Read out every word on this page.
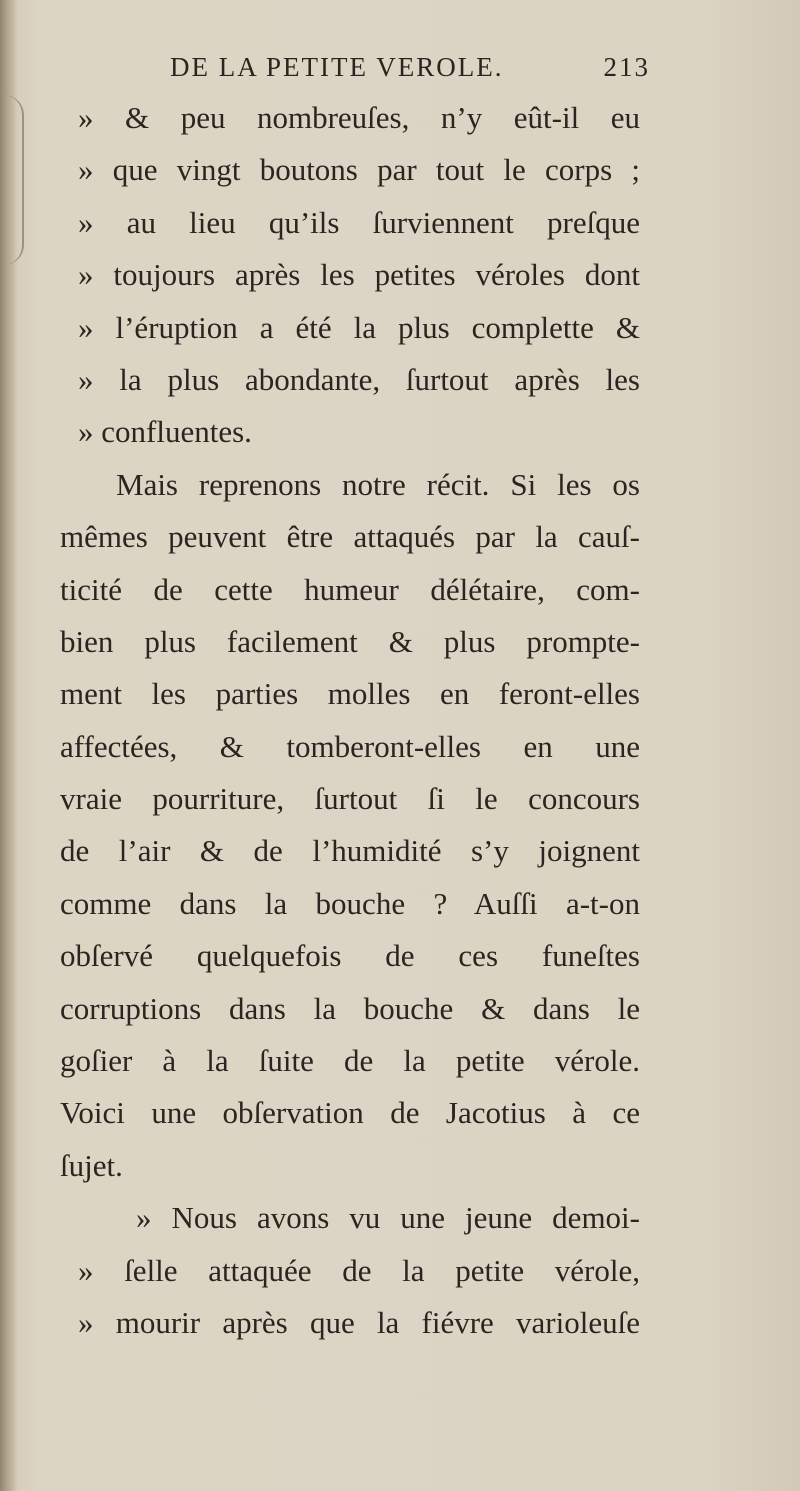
DE LA PETITE VEROLE.	213
» & peu nombreuſes, n’y eût-il eu
» que vingt boutons par tout le corps ;
» au lieu qu’ils ſurviennent preſque
» toujours après les petites véroles dont
» l’éruption a été la plus complette &
» la plus abondante, ſurtout après les
» confluentes.
Mais reprenons notre récit. Si les os
mêmes peuvent être attaqués par la cauſ-
ticité de cette humeur délétaire, com-
bien plus facilement & plus prompte-
ment les parties molles en feront-elles
affectées, & tomberont-elles en une
vraie pourriture, ſurtout ſi le concours
de l’air & de l’humidité s’y joignent
comme dans la bouche ? Auſſi a-t-on
obſervé quelquefois de ces funeſtes
corruptions dans la bouche & dans le
goſier à la ſuite de la petite vérole.
Voici une obſervation de Jacotius à ce
ſujet.
» Nous avons vu une jeune demoi-
» ſelle attaquée de la petite vérole,
» mourir après que la fiévre varioleuſe
